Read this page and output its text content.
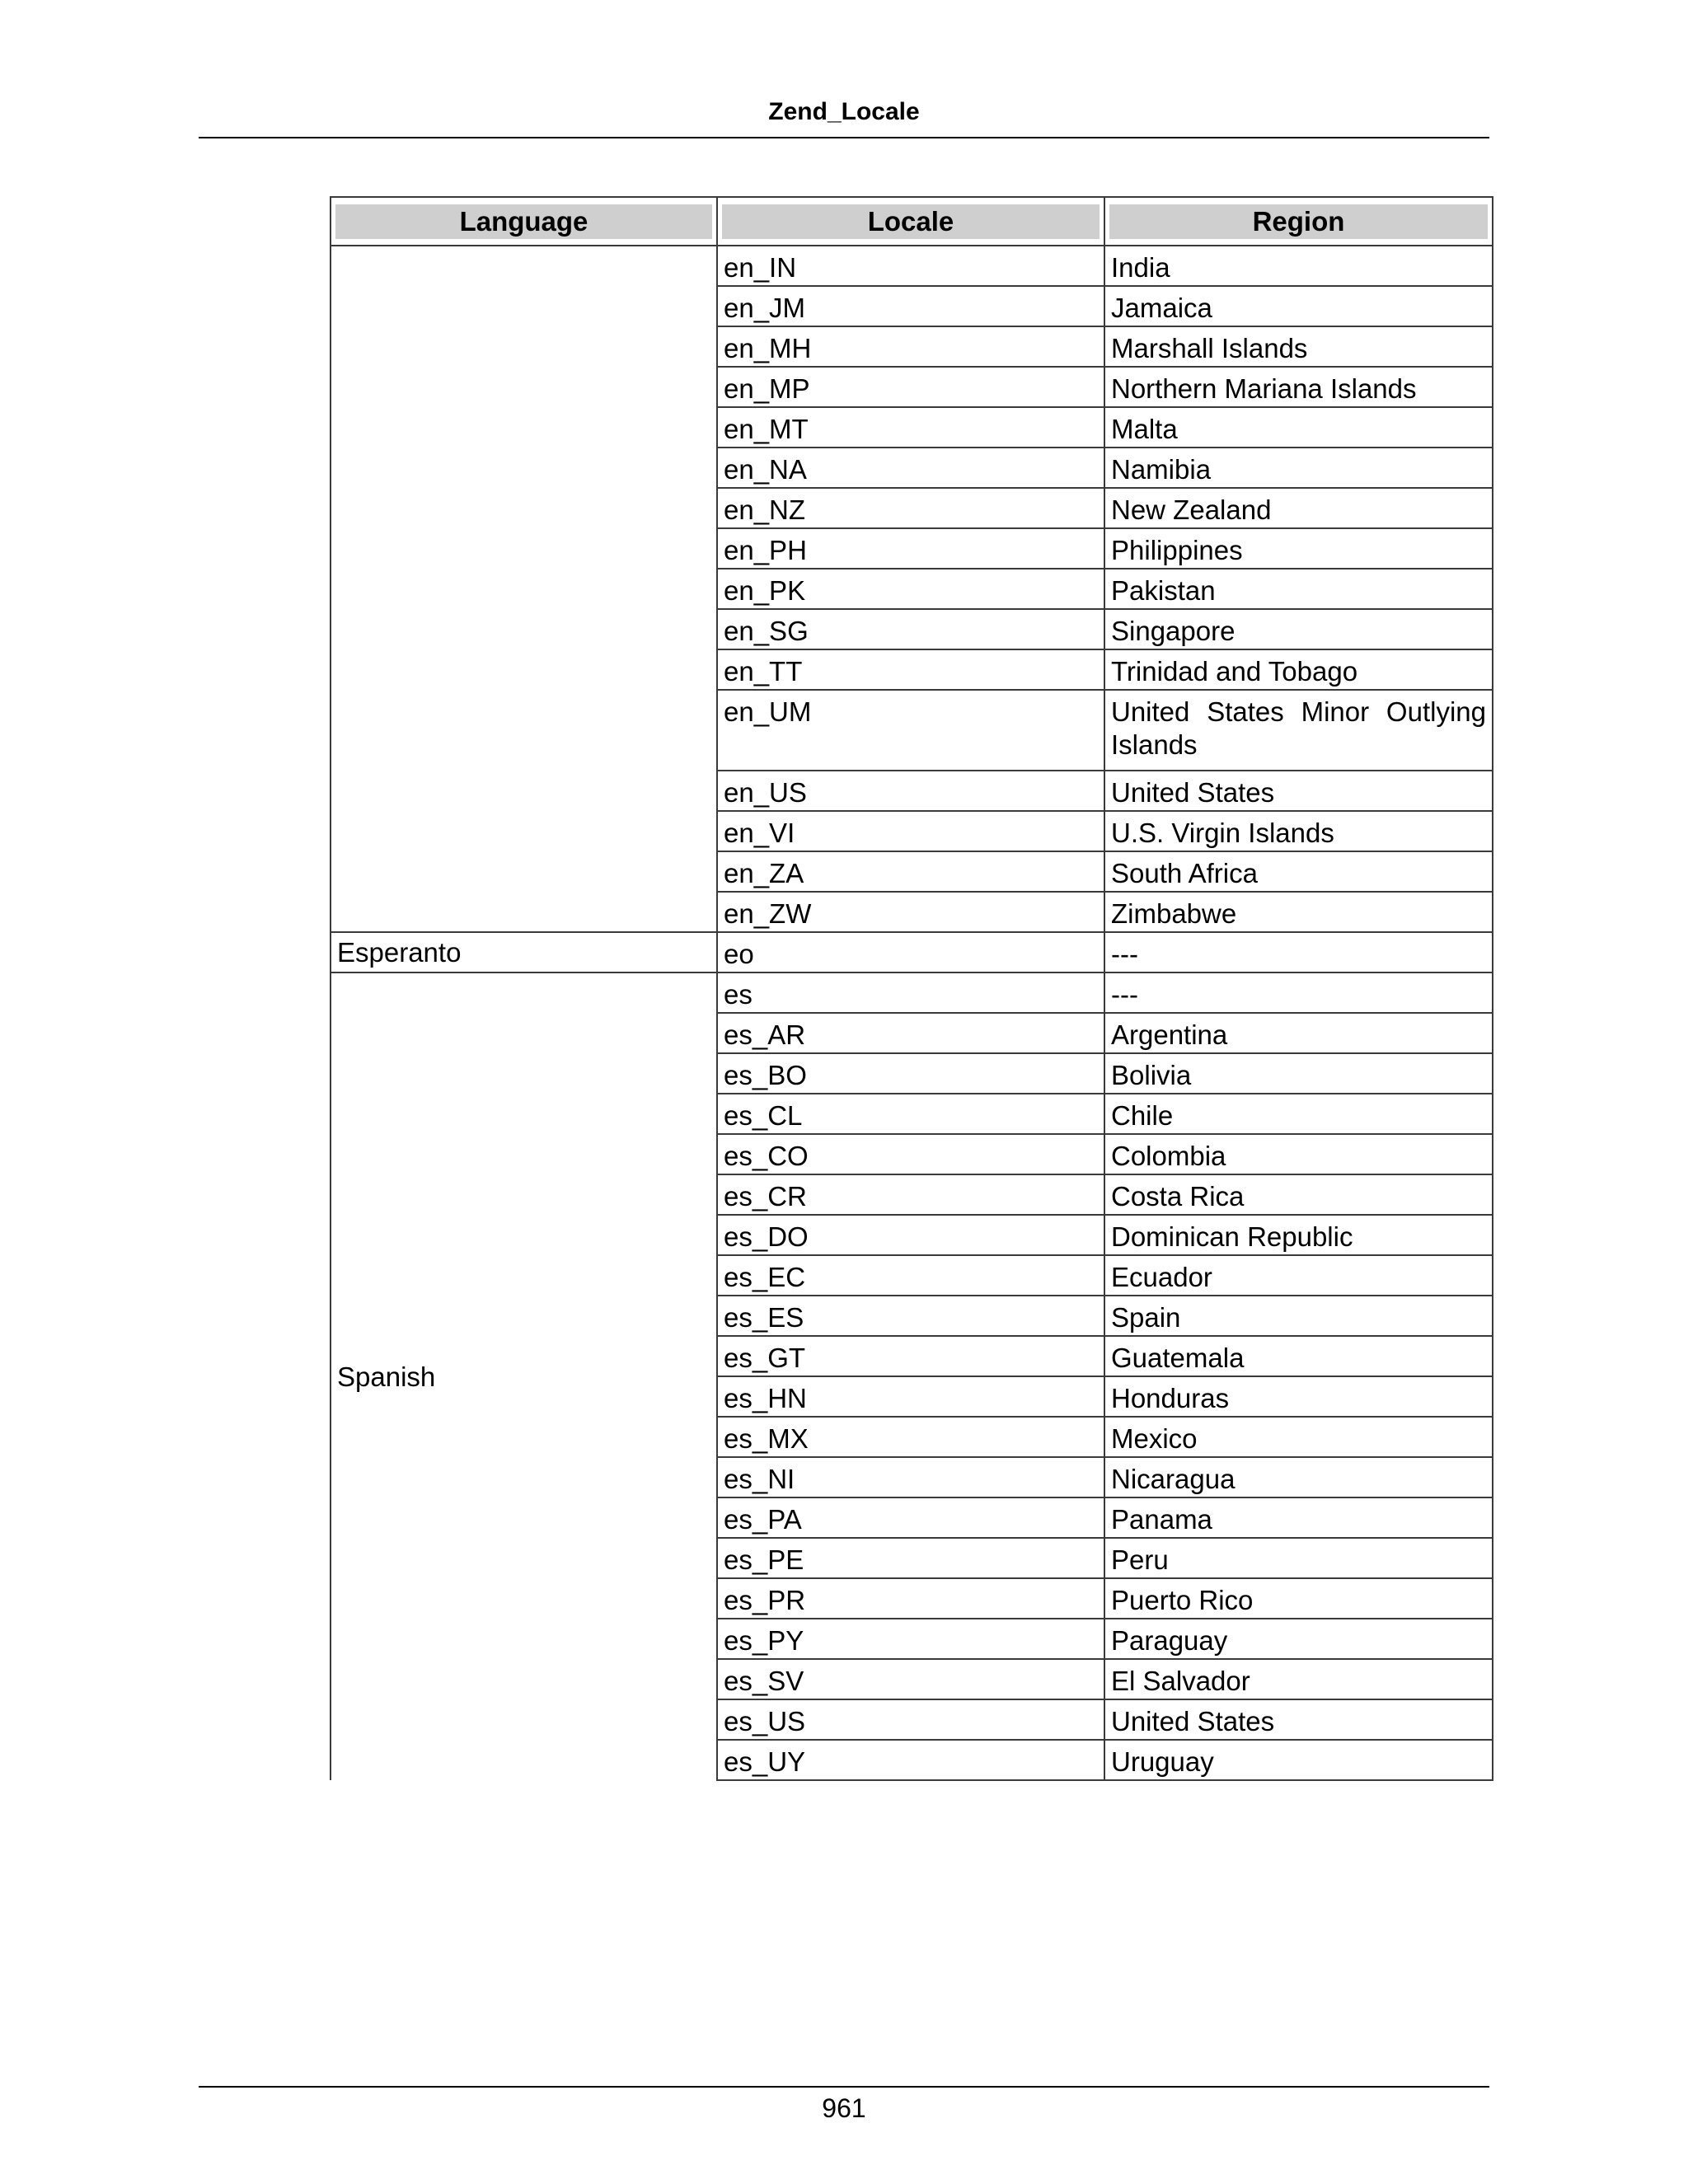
Zend_Locale
Language	Locale	Region

	en_IN	India
	en_JM	Jamaica
	en_MH	Marshall Islands
	en_MP	Northern Mariana Islands
	en_MT	Malta
	en_NA	Namibia
	en_NZ	New Zealand
	en_PH	Philippines
	en_PK	Pakistan
	en_SG	Singapore
	en_TT	Trinidad and Tobago
	en_UM	United States Minor Outlying Islands
	en_US	United States
	en_VI	U.S. Virgin Islands
	en_ZA	South Africa
	en_ZW	Zimbabwe
Esperanto	eo	---
Spanish	es	---
	es_AR	Argentina
	es_BO	Bolivia
	es_CL	Chile
	es_CO	Colombia
	es_CR	Costa Rica
	es_DO	Dominican Republic
	es_EC	Ecuador
	es_ES	Spain
	es_GT	Guatemala
	es_HN	Honduras
	es_MX	Mexico
	es_NI	Nicaragua
	es_PA	Panama
	es_PE	Peru
	es_PR	Puerto Rico
	es_PY	Paraguay
	es_SV	El Salvador
	es_US	United States
	es_UY	Uruguay
961
